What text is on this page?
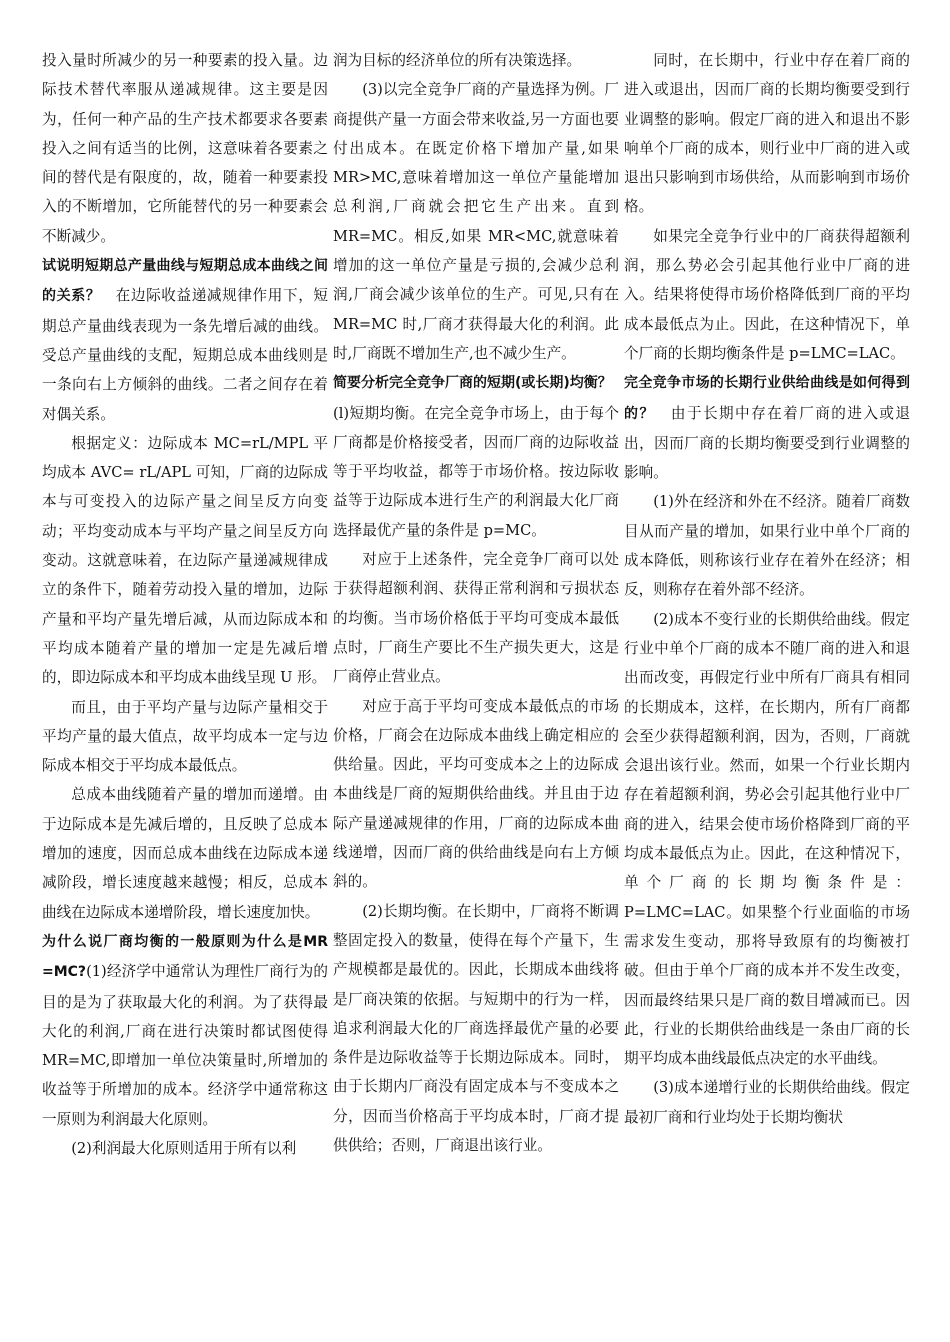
投入量时所减少的另一种要素的投入量。边际技术替代率服从递减规律。这主要是因为，任何一种产品的生产技术都要求各要素投入之间有适当的比例，这意味着各要素之间的替代是有限度的，故，随着一种要素投入的不断增加，它所能替代的另一种要素会不断减少。

试说明短期总产量曲线与短期总成本曲线之间的关系？　在边际收益递减规律作用下，短期总产量曲线表现为一条先增后减的曲线。受总产量曲线的支配，短期总成本曲线则是一条向右上方倾斜的曲线。二者之间存在着对偶关系。

根据定义：边际成本 MC=rL/MPL 平均成本 AVC= rL/APL 可知，厂商的边际成本与可变投入的边际产量之间呈反方向变动；平均变动成本与平均产量之间呈反方向变动。这就意味着，在边际产量递减规律成立的条件下，随着劳动投入量的增加，边际产量和平均产量先增后减，从而边际成本和平均成本随着产量的增加一定是先减后增的，即边际成本和平均成本曲线呈现 U 形。

而且，由于平均产量与边际产量相交于平均产量的最大值点，故平均成本一定与边际成本相交于平均成本最低点。

总成本曲线随着产量的增加而递增。由于边际成本是先减后增的，且反映了总成本增加的速度，因而总成本曲线在边际成本递减阶段，增长速度越来越慢；相反，总成本曲线在边际成本递增阶段，增长速度加快。

为什么说厂商均衡的一般原则为什么是MR =MC?(1)经济学中通常认为理性厂商行为的目的是为了获取最大化的利润。为了获得最大化的利润,厂商在进行决策时都试图使得 MR=MC,即增加一单位决策量时,所增加的收益等于所增加的成本。经济学中通常称这一原则为利润最大化原则。

(2)利润最大化原则适用于所有以利

润为目标的经济单位的所有决策选择。

(3)以完全竞争厂商的产量选择为例。厂商提供产量一方面会带来收益,另一方面也要付出成本。在既定价格下增加产量,如果 MR>MC,意味着增加这一单位产量能增加总利润,厂商就会把它生产出来。直到 MR=MC。相反,如果 MR<MC,就意味着增加的这一单位产量是亏损的,会减少总利润,厂商会减少该单位的生产。可见,只有在 MR=MC 时,厂商才获得最大化的利润。此时,厂商既不增加生产,也不减少生产。

简要分析完全竞争厂商的短期(或长期)均衡？　(l)短期均衡。在完全竞争市场上，由于每个厂商都是价格接受者，因而厂商的边际收益等于平均收益，都等于市场价格。按边际收益等于边际成本进行生产的利润最大化厂商选择最优产量的条件是 p=MC。

对应于上述条件，完全竞争厂商可以处于获得超额利润、获得正常利润和亏损状态的均衡。当市场价格低于平均可变成本最低点时，厂商生产要比不生产损失更大，这是厂商停止营业点。

对应于高于平均可变成本最低点的市场价格，厂商会在边际成本曲线上确定相应的供给量。因此，平均可变成本之上的边际成本曲线是厂商的短期供给曲线。并且由于边际产量递减规律的作用，厂商的边际成本曲线递增，因而厂商的供给曲线是向右上方倾斜的。

(2)长期均衡。在长期中，厂商将不断调整固定投入的数量，使得在每个产量下，生产规模都是最优的。因此，长期成本曲线将是厂商决策的依据。与短期中的行为一样，追求利润最大化的厂商选择最优产量的必要条件是边际收益等于长期边际成本。同时，由于长期内厂商没有固定成本与不变成本之分，因而当价格高于平均成本时，厂商才提供供给；否则，厂商退出该行业。

同时，在长期中，行业中存在着厂商的进入或退出，因而厂商的长期均衡要受到行业调整的影响。假定厂商的进入和退出不影响单个厂商的成本，则行业中厂商的进入或退出只影响到市场供给，从而影响到市场价格。

如果完全竞争行业中的厂商获得超额利润，那么势必会引起其他行业中厂商的进入。结果将使得市场价格降低到厂商的平均成本最低点为止。因此，在这种情况下，单个厂商的长期均衡条件是 p=LMC=LAC。

完全竞争市场的长期行业供给曲线是如何得到的？　由于长期中存在着厂商的进入或退出，因而厂商的长期均衡要受到行业调整的影响。

(1)外在经济和外在不经济。随着厂商数目从而产量的增加，如果行业中单个厂商的成本降低，则称该行业存在着外在经济；相反，则称存在着外部不经济。

(2)成本不变行业的长期供给曲线。假定行业中单个厂商的成本不随厂商的进入和退出而改变，再假定行业中所有厂商具有相同的长期成本，这样，在长期内，所有厂商都会至少获得超额利润，因为，否则，厂商就会退出该行业。然而，如果一个行业长期内存在着超额利润，势必会引起其他行业中厂商的进入，结果会使市场价格降到厂商的平均成本最低点为止。因此，在这种情况下，单个厂商的长期均衡条件是：P=LMC=LAC。如果整个行业面临的市场需求发生变动，那将导致原有的均衡被打破。但由于单个厂商的成本并不发生改变，因而最终结果只是厂商的数目增减而已。因此，行业的长期供给曲线是一条由厂商的长期平均成本曲线最低点决定的水平曲线。

(3)成本递增行业的长期供给曲线。假定最初厂商和行业均处于长期均衡状
